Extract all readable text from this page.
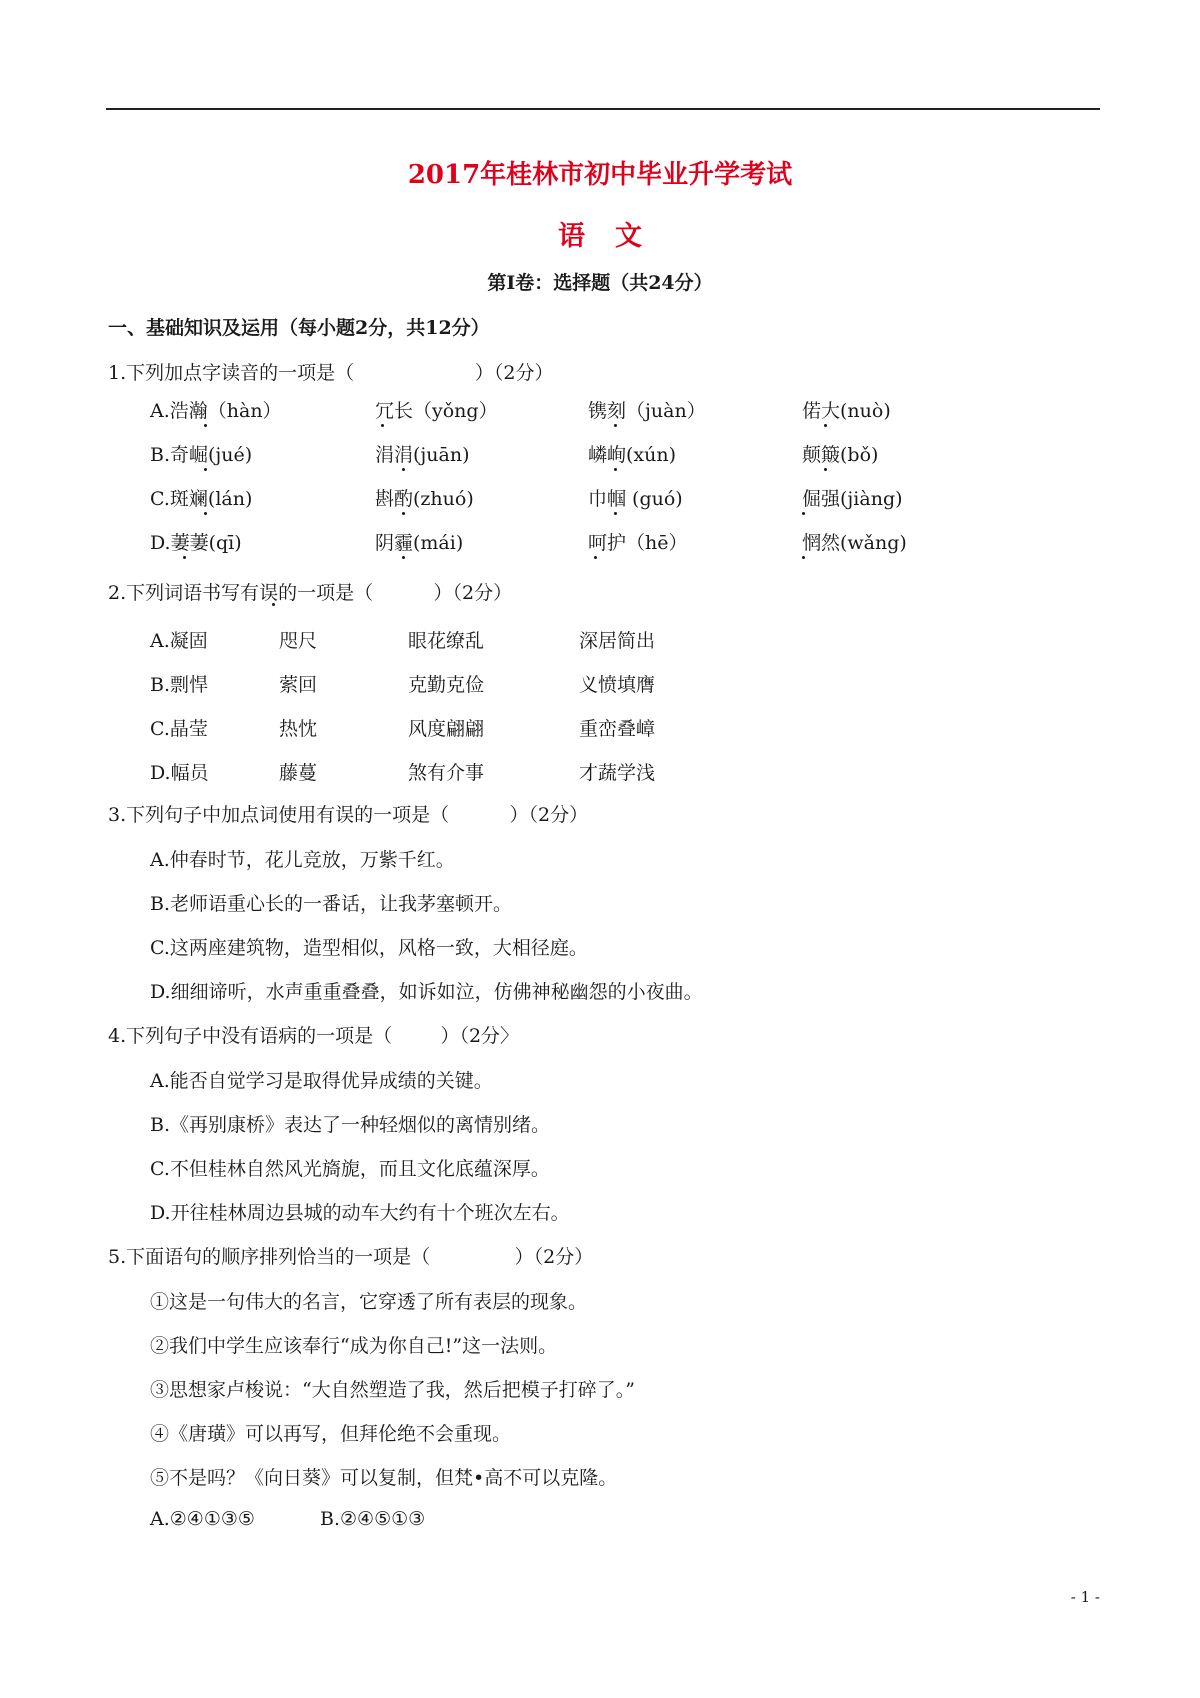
2017年桂林市初中毕业升学考试
语文
第Ⅰ卷：选择题（共24分）
一、基础知识及运用（每小题2分，共12分）
1.下列加点字读音的一项是（                    ）（2分）
A.浩瀚（hàn）	冗长（yǒng）	镌刻（juàn）	偌大(nuò)
B.奇崛(jué)	涓涓(juān)	嶙峋(xún)	颠簸(bǒ)
C.斑斓(lán)	斟酌(zhuó)	巾帼 (guó)	倔强(jiàng)
D.萋萋(qī)	阴霾(mái)	呵护（hē）	惘然(wǎng)
2.下列词语书写有误的一项是（          ）（2分）
A.凝固	咫尺	眼花缭乱	深居简出
B.剽悍	萦回	克勤克俭	义愤填膺
C.晶莹	热忱	风度翩翩	重峦叠嶂
D.幅员	藤蔓	煞有介事	才蔬学浅
3.下列句子中加点词使用有误的一项是（          ）（2分）
A.仲春时节，花儿竞放，万紫千红。
B.老师语重心长的一番话，让我茅塞顿开。
C.这两座建筑物，造型相似，风格一致，大相径庭。
D.细细谛听，水声重重叠叠，如诉如泣，仿佛神秘幽怨的小夜曲。
4.下列句子中没有语病的一项是（        ）（2分〉
A.能否自觉学习是取得优异成绩的关键。
B.《再别康桥》表达了一种轻烟似的离情别绪。
C.不但桂林自然风光旖旎，而且文化底蕴深厚。
D.开往桂林周边县城的动车大约有十个班次左右。
5.下面语句的顺序排列恰当的一项是（              ）（2分）
①这是一句伟大的名言，它穿透了所有表层的现象。
②我们中学生应该奉行“成为你自己!”这一法则。
③思想家卢梭说：“大自然塑造了我，然后把模子打碎了。”
④《唐璜》可以再写，但拜伦绝不会重现。
⑤不是吗？《向日葵》可以复制，但梵•高不可以克隆。
A.②④①③⑤	B.②④⑤①③
- 1 -
